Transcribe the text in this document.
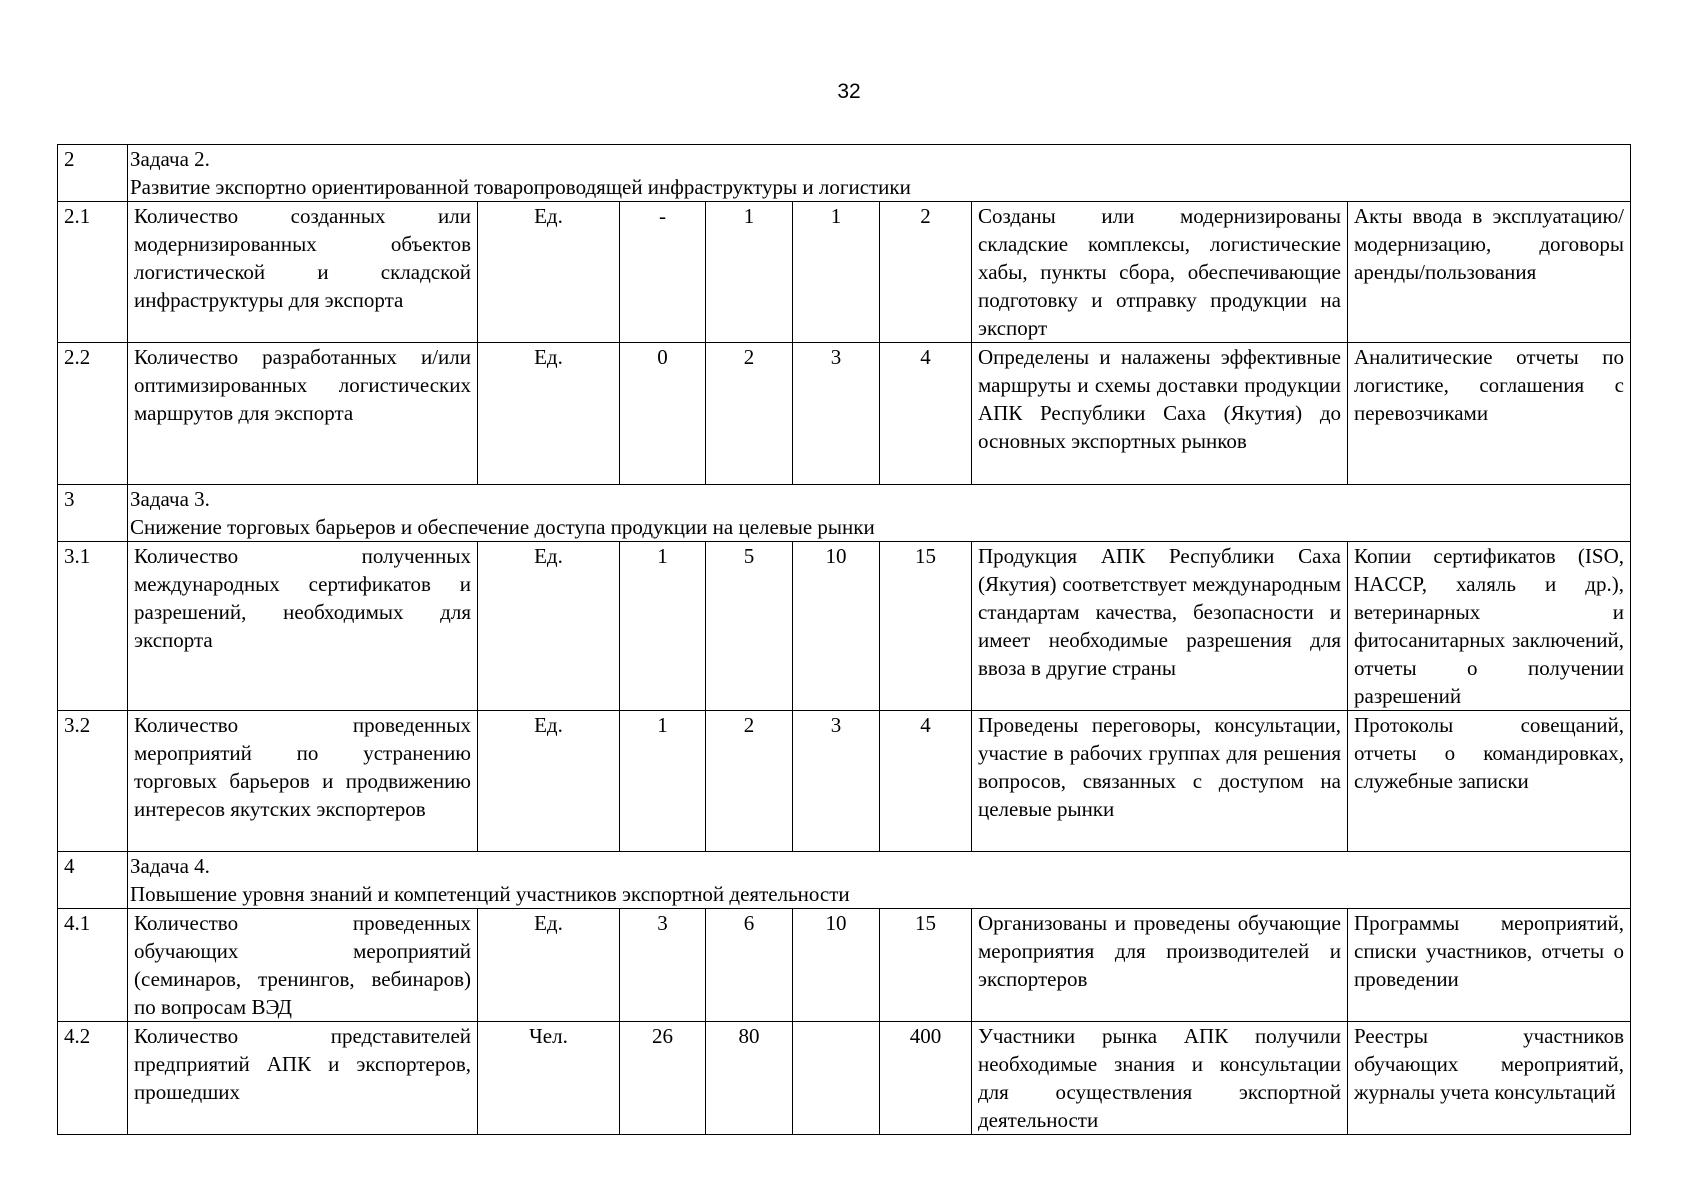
32
2	Задача 2.
Развитие экспортно ориентированной товаропроводящей инфраструктуры и логистики							

2.1	Количество созданных или модернизированных объектов логистической и складской инфраструктуры для экспорта	Ед.	-	1	1	2	Созданы или модернизированы складские комплексы, логистические хабы, пункты сбора, обеспечивающие подготовку и отправку продукции на экспорт	Акты ввода в эксплуатацию/модернизацию, договоры аренды/пользования
2.2	Количество разработанных и/или оптимизированных логистических маршрутов для экспорта	Ед.	0	2	3	4	Определены и налажены эффективные маршруты и схемы доставки продукции АПК Республики Саха (Якутия) до основных экспортных рынков	Аналитические отчеты по логистике, соглашения с перевозчиками
3	Задача 3.
Снижение торговых барьеров и обеспечение доступа продукции на целевые рынки							

3.1	Количество полученных международных сертификатов и разрешений, необходимых для экспорта	Ед.	1	5	10	15	Продукция АПК Республики Саха (Якутия) соответствует международным стандартам качества, безопасности и имеет необходимые разрешения для ввоза в другие страны	Копии сертификатов (ISO, HACCP, халяль и др.), ветеринарных и фитосанитарных заключений, отчеты о получении разрешений
3.2	Количество проведенных мероприятий по устранению торговых барьеров и продвижению интересов якутских экспортеров	Ед.	1	2	3	4	Проведены переговоры, консультации, участие в рабочих группах для решения вопросов, связанных с доступом на целевые рынки	Протоколы совещаний, отчеты о командировках, служебные записки
4	Задача 4.
Повышение уровня знаний и компетенций участников экспортной деятельности							

4.1	Количество проведенных обучающих мероприятий (семинаров, тренингов, вебинаров) по вопросам ВЭД	Ед.	3	6	10	15	Организованы и проведены обучающие мероприятия для производителей и экспортеров	Программы мероприятий, списки участников, отчеты о проведении
4.2	Количество представителей предприятий АПК и экспортеров, прошедших	Чел.	26	80		400	Участники рынка АПК получили необходимые знания и консультации для осуществления экспортной деятельности	Реестры участников обучающих мероприятий, журналы учета консультаций
